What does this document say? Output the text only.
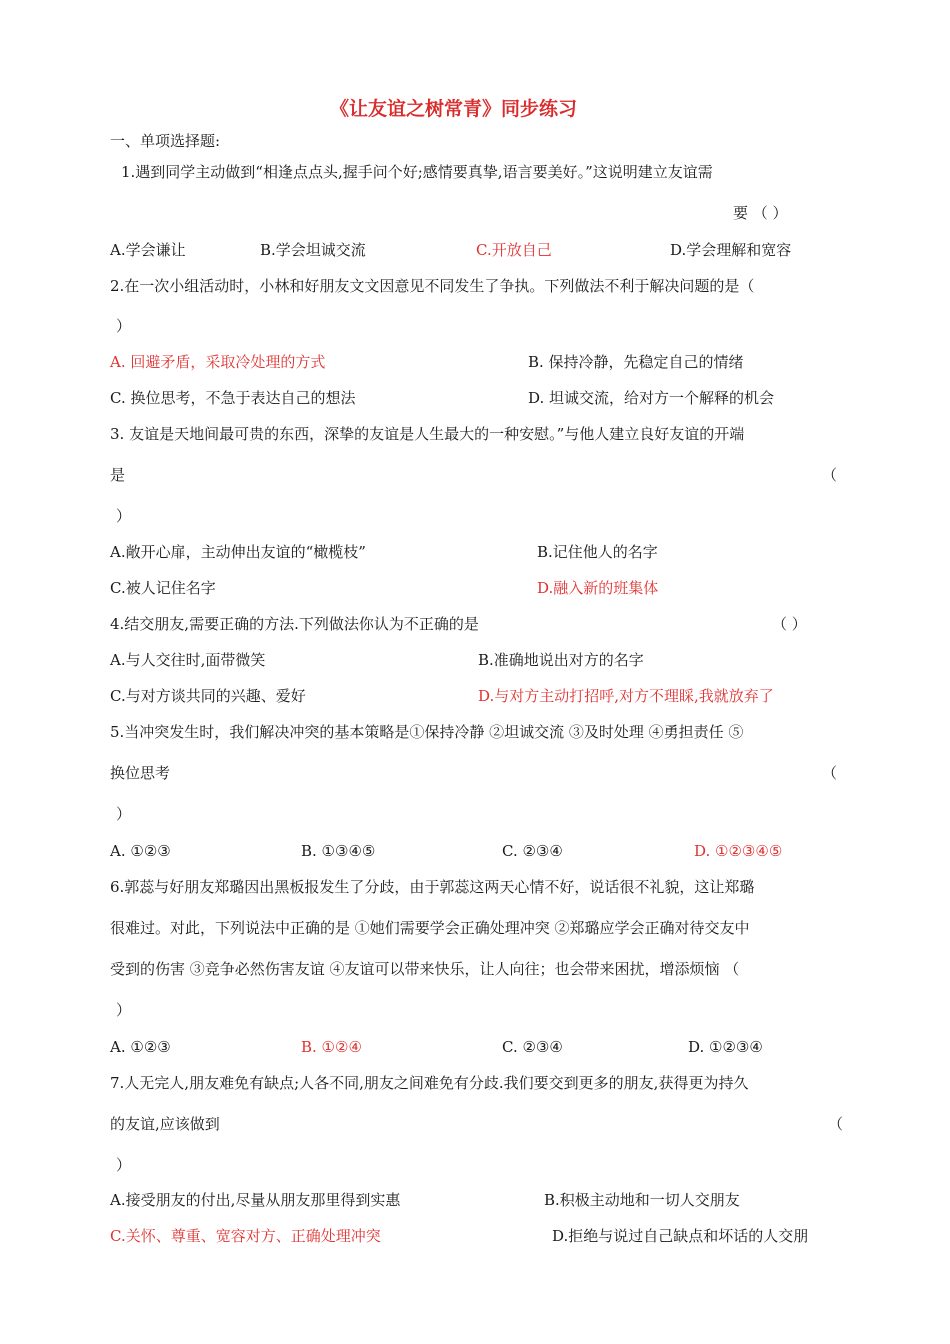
《让友谊之树常青》同步练习
一、单项选择题:
1.遇到同学主动做到“相逢点点头,握手问个好;感情要真挚,语言要美好。”这说明建立友谊需
要 （ ）
A.学会谦让	B.学会坦诚交流	C.开放自己	D.学会理解和宽容
2.在一次小组活动时，小林和好朋友文文因意见不同发生了争执。下列做法不利于解决问题的是（
）
A. 回避矛盾，采取冷处理的方式	B. 保持冷静，先稳定自己的情绪
C. 换位思考，不急于表达自己的想法	D. 坦诚交流，给对方一个解释的机会
3. 友谊是天地间最可贵的东西，深挚的友谊是人生最大的一种安慰。”与他人建立良好友谊的开端
是	（
）
A.敞开心扉，主动伸出友谊的“橄榄枝”	B.记住他人的名字
C.被人记住名字	D.融入新的班集体
4.结交朋友,需要正确的方法.下列做法你认为不正确的是	（ ）
A.与人交往时,面带微笑	B.准确地说出对方的名字
C.与对方谈共同的兴趣、爱好	D.与对方主动打招呼,对方不理睬,我就放弃了
5.当冲突发生时，我们解决冲突的基本策略是①保持冷静 ②坦诚交流 ③及时处理 ④勇担责任 ⑤
换位思考	（
）
A. ①②③	B. ①③④⑤	C. ②③④	D. ①②③④⑤
6.郭蕊与好朋友郑璐因出黑板报发生了分歧，由于郭蕊这两天心情不好，说话很不礼貌，这让郑璐
很难过。对此，下列说法中正确的是 ①她们需要学会正确处理冲突 ②郑璐应学会正确对待交友中
受到的伤害 ③竞争必然伤害友谊 ④友谊可以带来快乐，让人向往；也会带来困扰，增添烦恼 （
）
A. ①②③	B. ①②④	C. ②③④	D. ①②③④
7.人无完人,朋友难免有缺点;人各不同,朋友之间难免有分歧.我们要交到更多的朋友,获得更为持久
的友谊,应该做到	（
）
A.接受朋友的付出,尽量从朋友那里得到实惠	B.积极主动地和一切人交朋友
C.关怀、尊重、宽容对方、正确处理冲突	D.拒绝与说过自己缺点和坏话的人交朋
